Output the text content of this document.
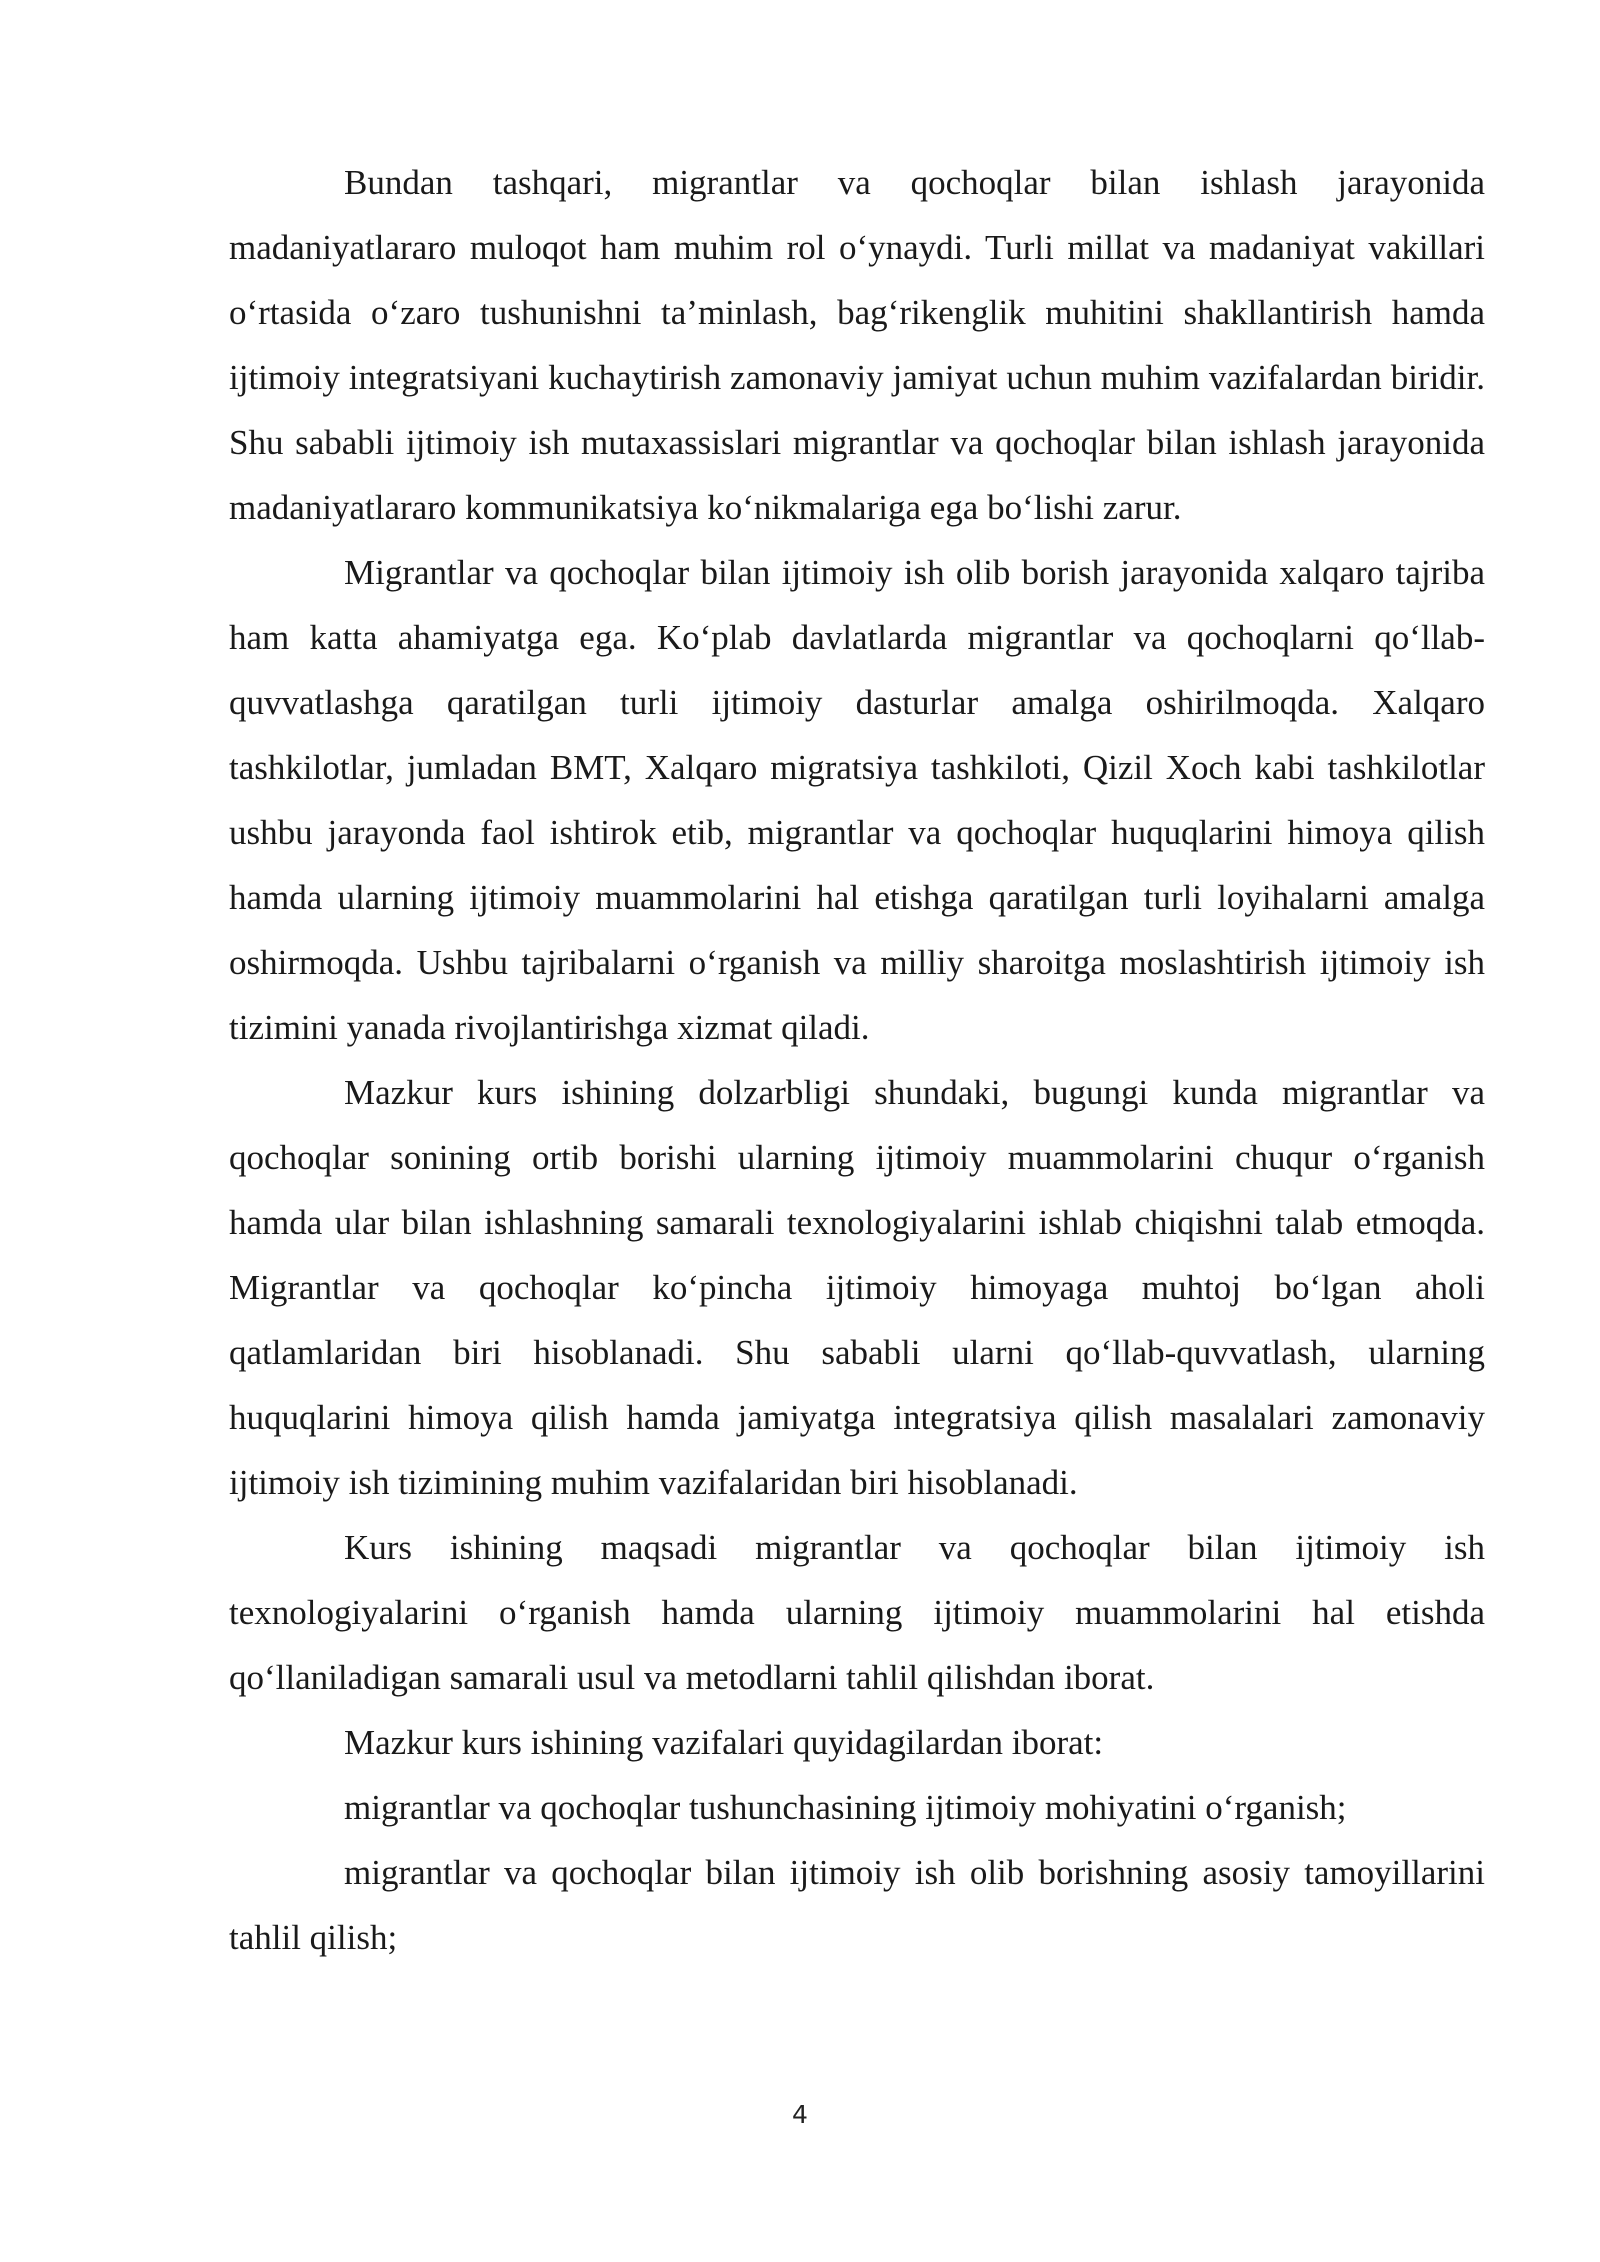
Bundan tashqari, migrantlar va qochoqlar bilan ishlash jarayonida madaniyatlararo muloqot ham muhim rol o‘ynaydi. Turli millat va madaniyat vakillari o‘rtasida o‘zaro tushunishni ta’minlash, bag‘rikenglik muhitini shakllantirish hamda ijtimoiy integratsiyani kuchaytirish zamonaviy jamiyat uchun muhim vazifalardan biridir. Shu sababli ijtimoiy ish mutaxassislari migrantlar va qochoqlar bilan ishlash jarayonida madaniyatlararo kommunikatsiya ko‘nikmalariga ega bo‘lishi zarur.

Migrantlar va qochoqlar bilan ijtimoiy ish olib borish jarayonida xalqaro tajriba ham katta ahamiyatga ega. Ko‘plab davlatlarda migrantlar va qochoqlarni qo‘llab-quvvatlashga qaratilgan turli ijtimoiy dasturlar amalga oshirilmoqda. Xalqaro tashkilotlar, jumladan BMT, Xalqaro migratsiya tashkiloti, Qizil Xoch kabi tashkilotlar ushbu jarayonda faol ishtirok etib, migrantlar va qochoqlar huquqlarini himoya qilish hamda ularning ijtimoiy muammolarini hal etishga qaratilgan turli loyihalarni amalga oshirmoqda. Ushbu tajribalarni o‘rganish va milliy sharoitga moslashtirish ijtimoiy ish tizimini yanada rivojlantirishga xizmat qiladi.

Mazkur kurs ishining dolzarbligi shundaki, bugungi kunda migrantlar va qochoqlar sonining ortib borishi ularning ijtimoiy muammolarini chuqur o‘rganish hamda ular bilan ishlashning samarali texnologiyalarini ishlab chiqishni talab etmoqda. Migrantlar va qochoqlar ko‘pincha ijtimoiy himoyaga muhtoj bo‘lgan aholi qatlamlaridan biri hisoblanadi. Shu sababli ularni qo‘llab-quvvatlash, ularning huquqlarini himoya qilish hamda jamiyatga integratsiya qilish masalalari zamonaviy ijtimoiy ish tizimining muhim vazifalaridan biri hisoblanadi.

Kurs ishining maqsadi migrantlar va qochoqlar bilan ijtimoiy ish texnologiyalarini o‘rganish hamda ularning ijtimoiy muammolarini hal etishda qo‘llaniladigan samarali usul va metodlarni tahlil qilishdan iborat.

Mazkur kurs ishining vazifalari quyidagilardan iborat:

migrantlar va qochoqlar tushunchasining ijtimoiy mohiyatini o‘rganish;

migrantlar va qochoqlar bilan ijtimoiy ish olib borishning asosiy tamoyillarini tahlil qilish;

4
